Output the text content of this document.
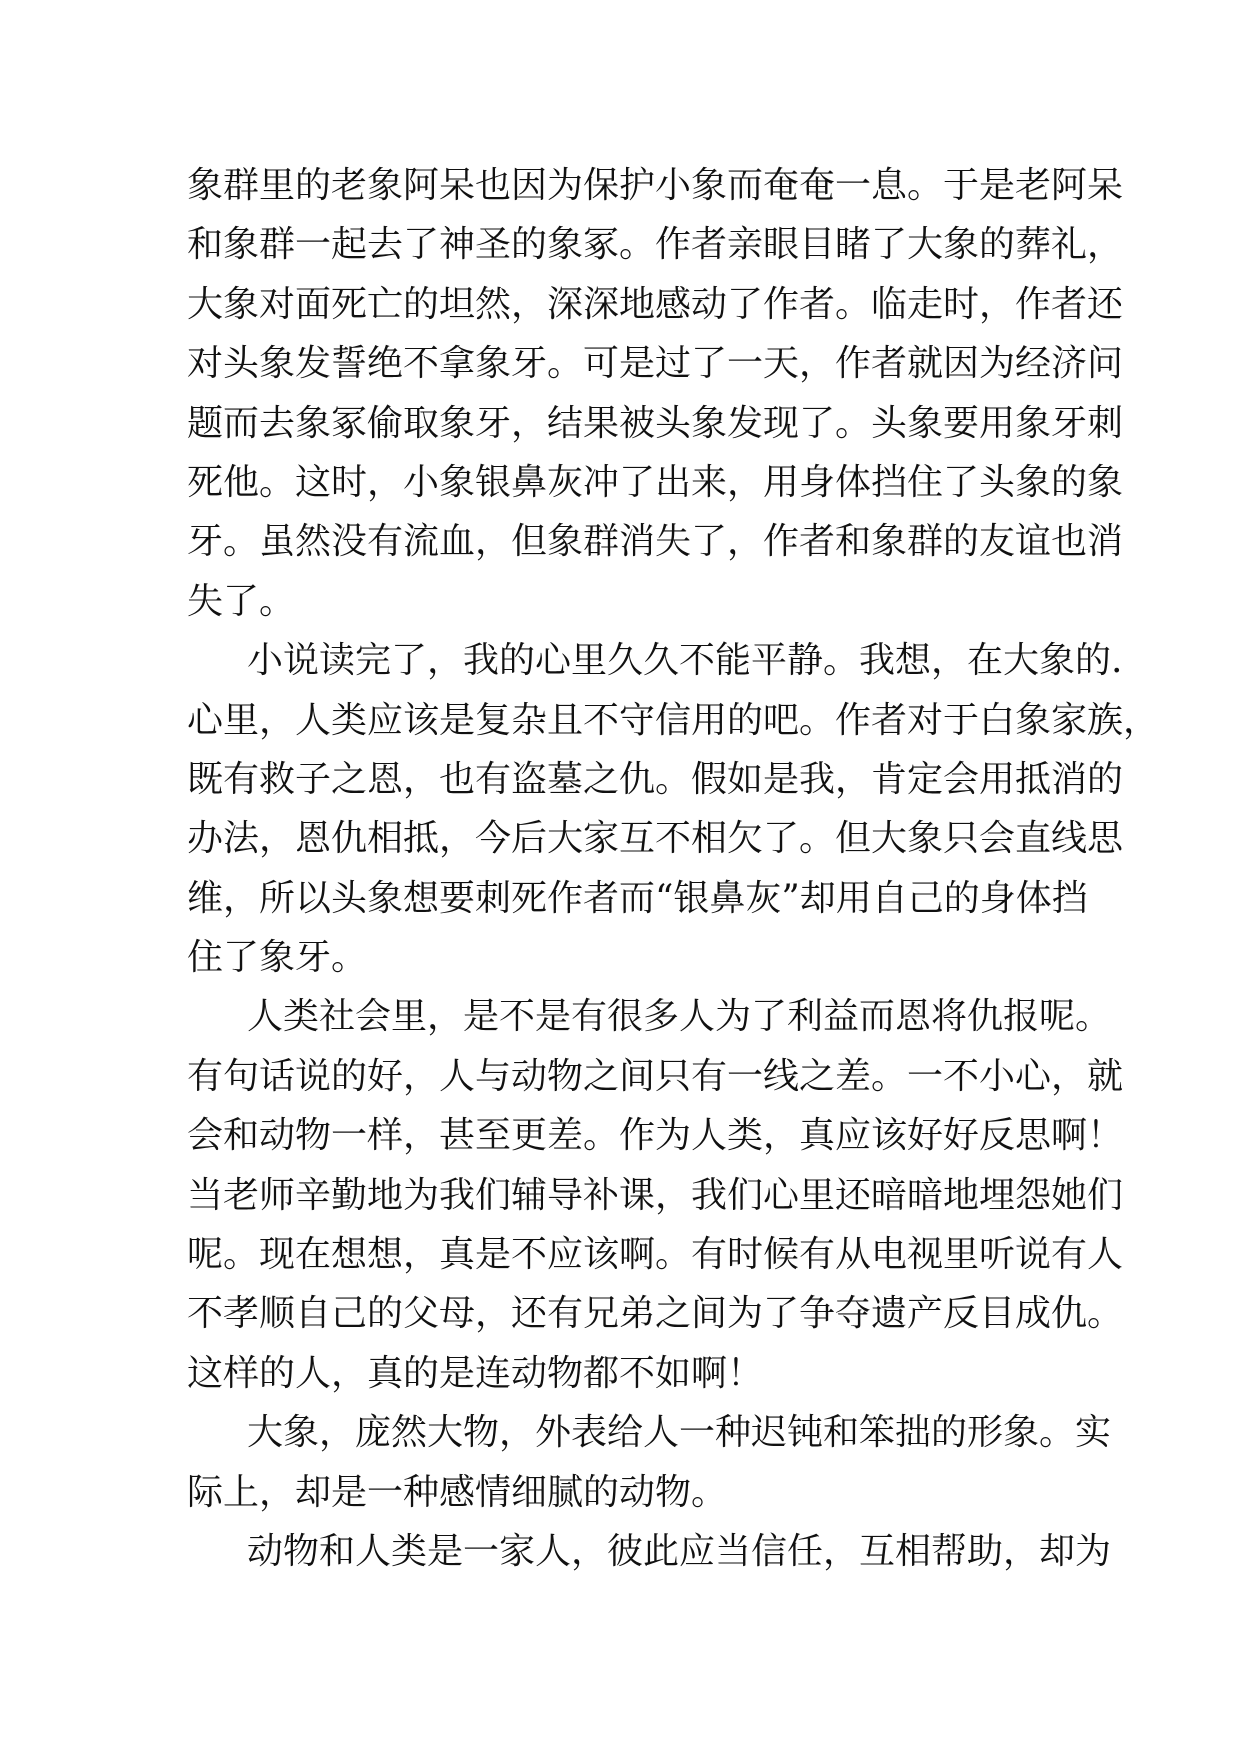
象群里的老象阿呆也因为保护小象而奄奄一息。于是老阿呆
和象群一起去了神圣的象冢。作者亲眼目睹了大象的葬礼，
大象对面死亡的坦然，深深地感动了作者。临走时，作者还
对头象发誓绝不拿象牙。可是过了一天，作者就因为经济问
题而去象冢偷取象牙，结果被头象发现了。头象要用象牙刺
死他。这时，小象银鼻灰冲了出来，用身体挡住了头象的象
牙。虽然没有流血，但象群消失了，作者和象群的友谊也消
失了。
小说读完了，我的心里久久不能平静。我想，在大象的.
心里，人类应该是复杂且不守信用的吧。作者对于白象家族，
既有救子之恩，也有盗墓之仇。假如是我，肯定会用抵消的
办法，恩仇相抵，今后大家互不相欠了。但大象只会直线思
维，所以头象想要刺死作者而“银鼻灰”却用自己的身体挡
住了象牙。
人类社会里，是不是有很多人为了利益而恩将仇报呢。
有句话说的好，人与动物之间只有一线之差。一不小心，就
会和动物一样，甚至更差。作为人类，真应该好好反思啊！
当老师辛勤地为我们辅导补课，我们心里还暗暗地埋怨她们
呢。现在想想，真是不应该啊。有时候有从电视里听说有人
不孝顺自己的父母，还有兄弟之间为了争夺遗产反目成仇。
这样的人，真的是连动物都不如啊！
大象，庞然大物，外表给人一种迟钝和笨拙的形象。实
际上，却是一种感情细腻的动物。
动物和人类是一家人，彼此应当信任，互相帮助，却为
